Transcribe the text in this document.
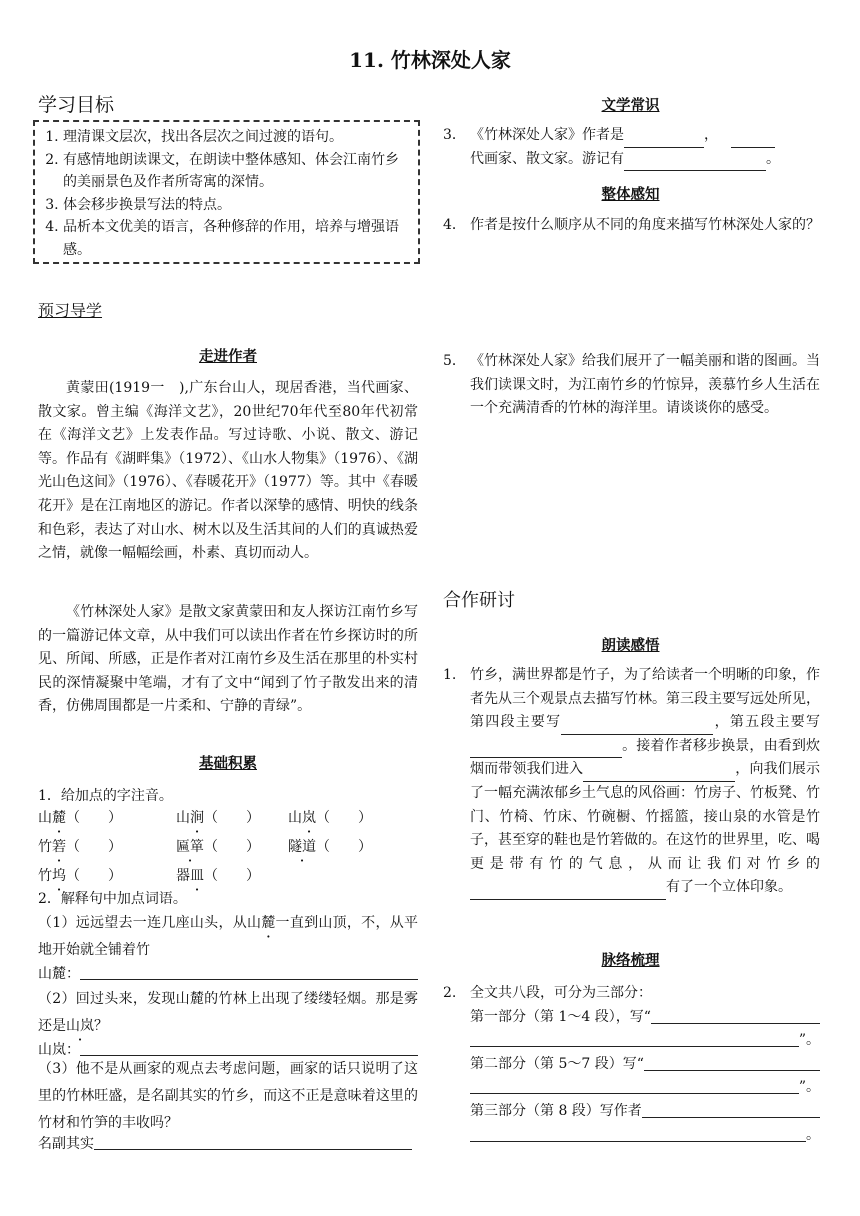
11. 竹林深处人家
学习目标
1. 理清课文层次，找出各层次之间过渡的语句。
2. 有感情地朗读课文，在朗读中整体感知、体会江南竹乡的美丽景色及作者所寄寓的深情。
3. 体会移步换景写法的特点。
4. 品析本文优美的语言，各种修辞的作用，培养与增强语感。
预习导学
走进作者
黄蒙田(1919一　),广东台山人，现居香港，当代画家、散文家。曾主编《海洋文艺》，20世纪70年代至80年代初常在《海洋文艺》上发表作品。写过诗歌、小说、散文、游记等。作品有《湖畔集》（1972）、《山水人物集》（1976）、《湖光山色这间》（1976）、《春暖花开》（1977）等。其中《春暖花开》是在江南地区的游记。作者以深挚的感情、明快的线条和色彩，表达了对山水、树木以及生活其间的人们的真诚热爱之情，就像一幅幅绘画，朴素、真切而动人。
《竹林深处人家》是散文家黄蒙田和友人探访江南竹乡写的一篇游记体文章，从中我们可以读出作者在竹乡探访时的所见、所闻、所感，正是作者对江南竹乡及生活在那里的朴实村民的深情凝聚中笔端，才有了文中“闻到了竹子散发出来的清香，仿佛周围都是一片柔和、宁静的青绿”。
基础积累
1．给加点的字注音。
山麓（　　）	山涧（　　） 山岚（　　）
竹箬（　　）	匾箪（　　） 隧道（　　）
竹坞（　　）	器皿（　　）
2．解释句中加点词语。
（1）远远望去一连几座山头，从山麓一直到山顶，不，从平地开始就全铺着竹
山麓：
（2）回过头来，发现山麓的竹林上出现了缕缕轻烟。那是雾还是山岚？
山岚：
（3）他不是从画家的观点去考虑问题，画家的话只说明了这里的竹林旺盛，是名副其实的竹乡，而这不正是意味着这里的竹材和竹笋的丰收吗？
名副其实
文学常识
3． 《竹林深处人家》作者是	，
代画家、散文家。游记有	。
整体感知
4． 作者是按什么顺序从不同的角度来描写竹林深处人家的？
5． 《竹林深处人家》给我们展开了一幅美丽和谐的图画。当我们读课文时，为江南竹乡的竹惊异，羡慕竹乡人生活在一个充满清香的竹林的海洋里。请谈谈你的感受。
合作研讨
朗读感悟
1. 竹乡，满世界都是竹子，为了给读者一个明晰的印象，作者先从三个观景点去描写竹林。第三段主要写远处所见，第四段主要写	，第五段主要写。接着作者移步换景，由看到炊烟而带领我们进入	，向我们展示了一幅充满浓郁乡土气息的风俗画：竹房子、竹板凳、竹门、竹椅、竹床、竹碗橱、竹摇篮，接山泉的水管是竹子，甚至穿的鞋也是竹箬做的。在这竹的世界里，吃、喝更是带有竹的气息，从而让我们对竹乡的有了一个立体印象。
脉络梳理
2. 全文共八段，可分为三部分：
第一部分（第 1～4 段），写“
”。
第二部分（第 5～7 段）写“
”。
第三部分（第 8 段）写作者
。
